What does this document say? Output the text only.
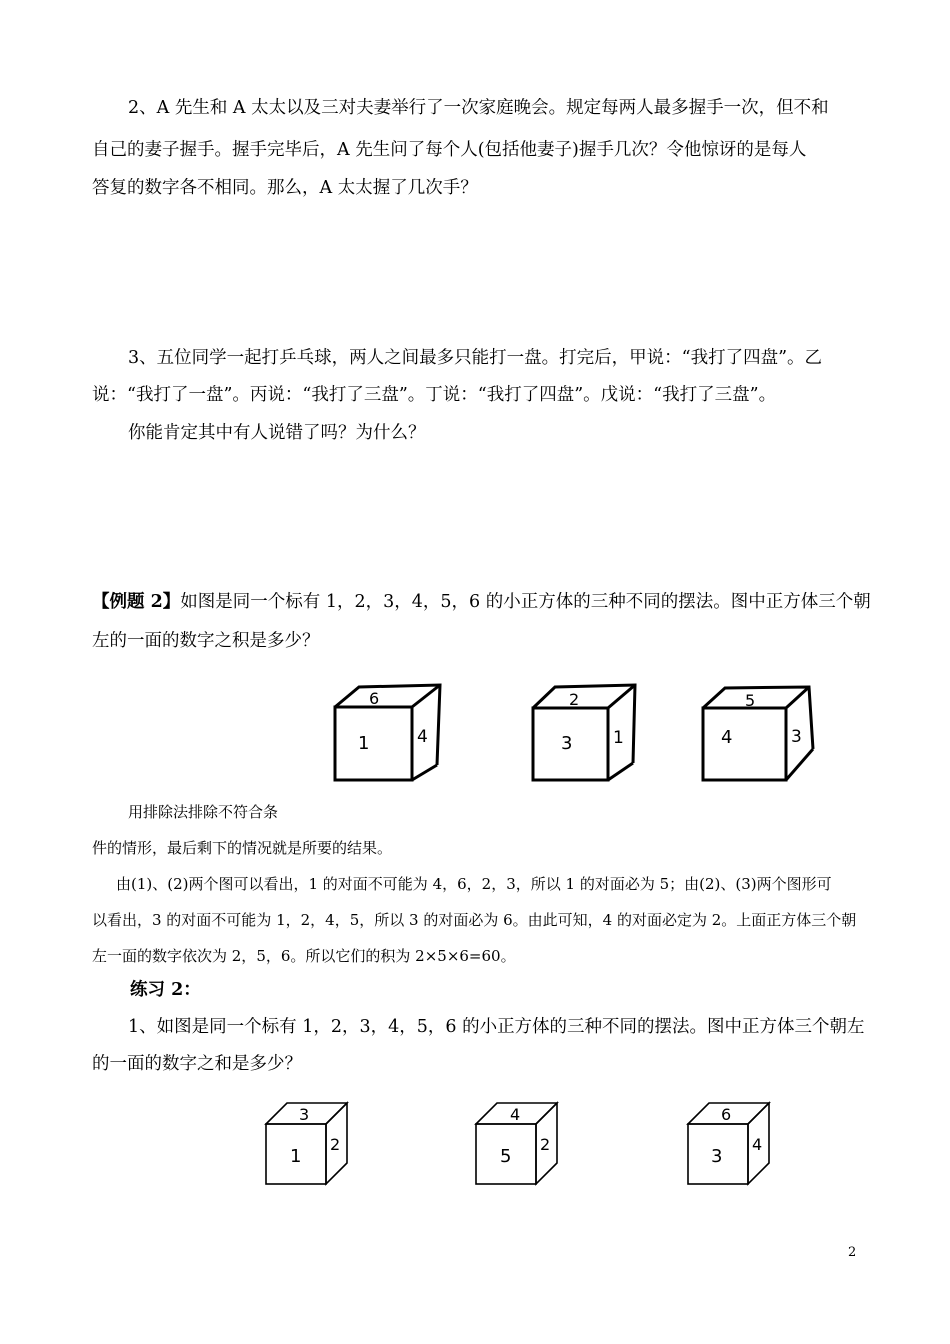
2、A 先生和 A 太太以及三对夫妻举行了一次家庭晚会。规定每两人最多握手一次，但不和

自己的妻子握手。握手完毕后，A 先生问了每个人(包括他妻子)握手几次？令他惊讶的是每人

答复的数字各不相同。那么，A 太太握了几次手？

3、五位同学一起打乒乓球，两人之间最多只能打一盘。打完后，甲说：“我打了四盘”。乙

说：“我打了一盘”。丙说：“我打了三盘”。丁说：“我打了四盘”。戊说：“我打了三盘”。

你能肯定其中有人说错了吗？为什么？

【例题 2】如图是同一个标有 1，2，3，4，5，6 的小正方体的三种不同的摆法。图中正方体三个朝

左的一面的数字之积是多少？

6
1	4
2
3 1
5
4	3

用排除法排除不符合条

件的情形，最后剩下的情况就是所要的结果。

由(1)、(2)两个图可以看出，1 的对面不可能为 4，6，2，3，所以 1 的对面必为 5；由(2)、(3)两个图形可

以看出，3 的对面不可能为 1，2，4，5，所以 3 的对面必为 6。由此可知，4 的对面必定为 2。上面正方体三个朝

左一面的数字依次为 2，5，6。所以它们的积为 2×5×6=60。

练习 2：

1、如图是同一个标有 1，2，3，4，5，6 的小正方体的三种不同的摆法。图中正方体三个朝左

的一面的数字之和是多少？

3
1
2
4
5
2
6
3
4
2
